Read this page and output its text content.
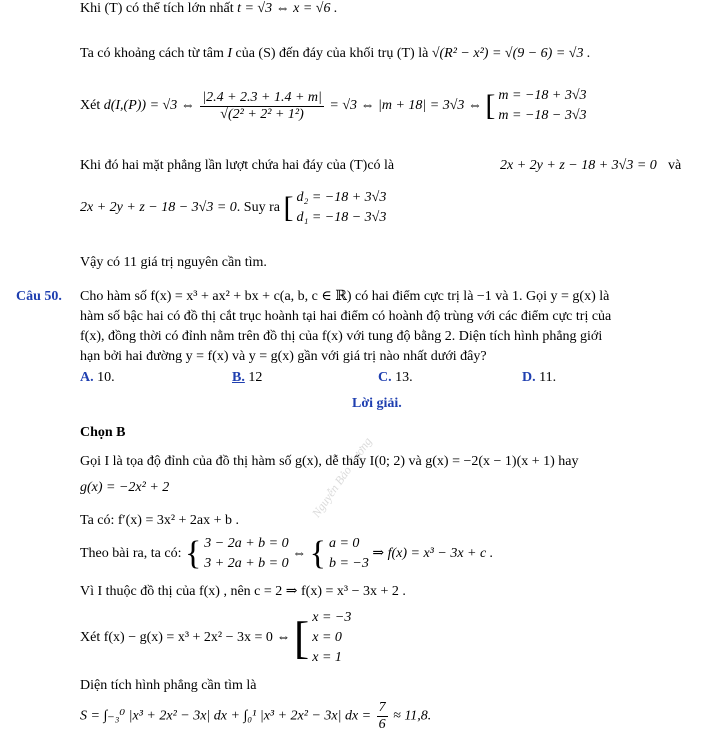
Nguyễn Bảo Vương
Khi (T) có thể tích lớn nhất t = √3 ⇔ x = √6 .
Ta có khoảng cách từ tâm I của (S) đến đáy của khối trụ (T) là √(R² − x²) = √(9 − 6) = √3 .
Xét d(I,(P)) = √3 ⇔ $\frac{|2.4 + 2.3 + 1.4 + m|}{\text{√(2² + 2² + 1²)}} = √3$ ⇔ |m + 18| = 3√3 ⇔ [ m = −18 + 3√3
m = −18 − 3√3
Khi đó hai mặt phẳng lần lượt chứa hai đáy của (T)có là	2x + 2y + z − 18 + 3√3 = 0 và
2x + 2y + z − 18 − 3√3 = 0. Suy ra [ d₂ = −18 + 3√3
d₁ = −18 − 3√3
Vậy có 11 giá trị nguyên cần tìm.
Câu 50. Cho hàm số f(x) = x³ + ax² + bx + c(a, b, c ∈ ℝ) có hai điểm cực trị là −1 và 1. Gọi y = g(x) là
hàm số bậc hai có đồ thị cắt trục hoành tại hai điểm có hoành độ trùng với các điểm cực trị của
f(x), đồng thời có đỉnh nằm trên đồ thị của f(x) với tung độ bằng 2. Diện tích hình phẳng giới
hạn bởi hai đường y = f(x) và y = g(x) gần với giá trị nào nhất dưới đây?
A. 10.	B. 12	C. 13.	D. 11.
Lời giải.
Chọn B
Gọi I là tọa độ đỉnh của đồ thị hàm số g(x), dễ thấy I(0; 2) và g(x) = −2(x − 1)(x + 1) hay
g(x) = −2x² + 2
Ta có: f′(x) = 3x² + 2ax + b .
Theo bài ra, ta có: { 3 − 2a + b = 0
3 + 2a + b = 0
⇔ { a = 0
b = −3
⇒ f(x) = x³ − 3x + c .
Vì I thuộc đồ thị của f(x) , nên c = 2 ⇒ f(x) = x³ − 3x + 2 .
Xét f(x) − g(x) = x³ + 2x² − 3x = 0 ⇔ [ x = −3
x = 0
x = 1
Diện tích hình phẳng cần tìm là
S = ∫₋₃⁰ |x³ + 2x² − 3x| dx + ∫₀¹ |x³ + 2x² − 3x| dx = $\frac{7}{6} \approx 11,8$.
